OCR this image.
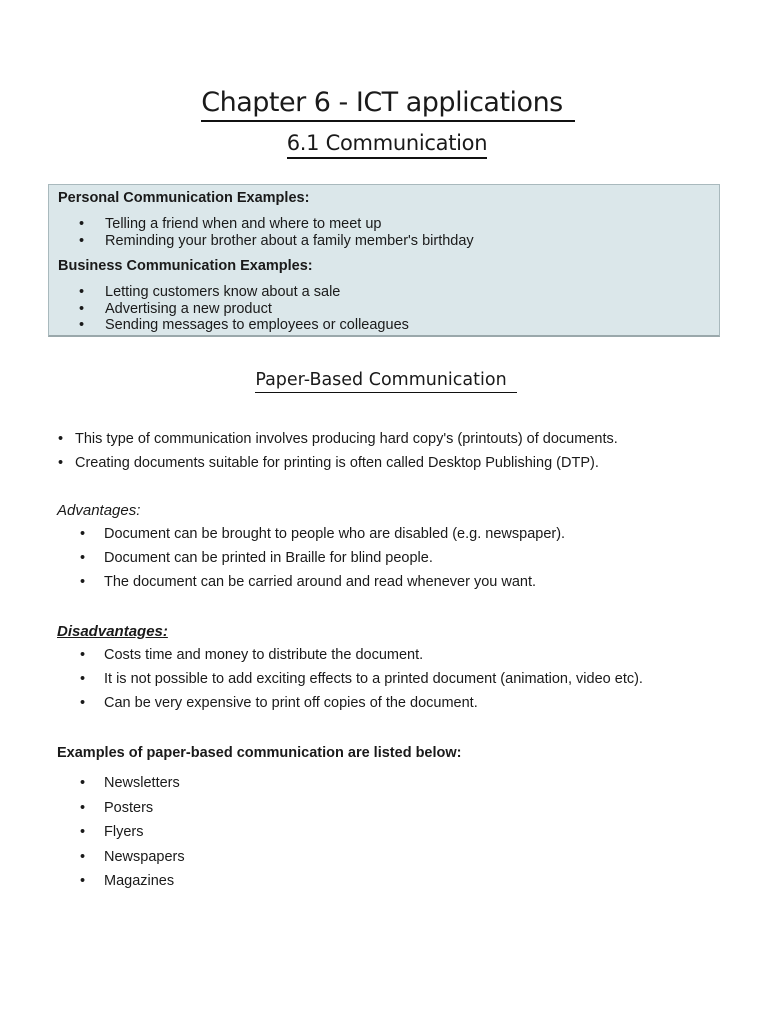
Chapter 6 - ICT applications
6.1 Communication
Personal Communication Examples:
• Telling a friend when and where to meet up
• Reminding your brother about a family member's birthday
Business Communication Examples:
• Letting customers know about a sale
• Advertising a new product
• Sending messages to employees or colleagues
Paper-Based Communication
• This type of communication involves producing hard copy's (printouts) of documents.
• Creating documents suitable for printing is often called Desktop Publishing (DTP).
Advantages:
• Document can be brought to people who are disabled (e.g. newspaper).
• Document can be printed in Braille for blind people.
• The document can be carried around and read whenever you want.
Disadvantages:
• Costs time and money to distribute the document.
• It is not possible to add exciting effects to a printed document (animation, video etc).
• Can be very expensive to print off copies of the document.
Examples of paper-based communication are listed below:
• Newsletters
• Posters
• Flyers
• Newspapers
• Magazines
